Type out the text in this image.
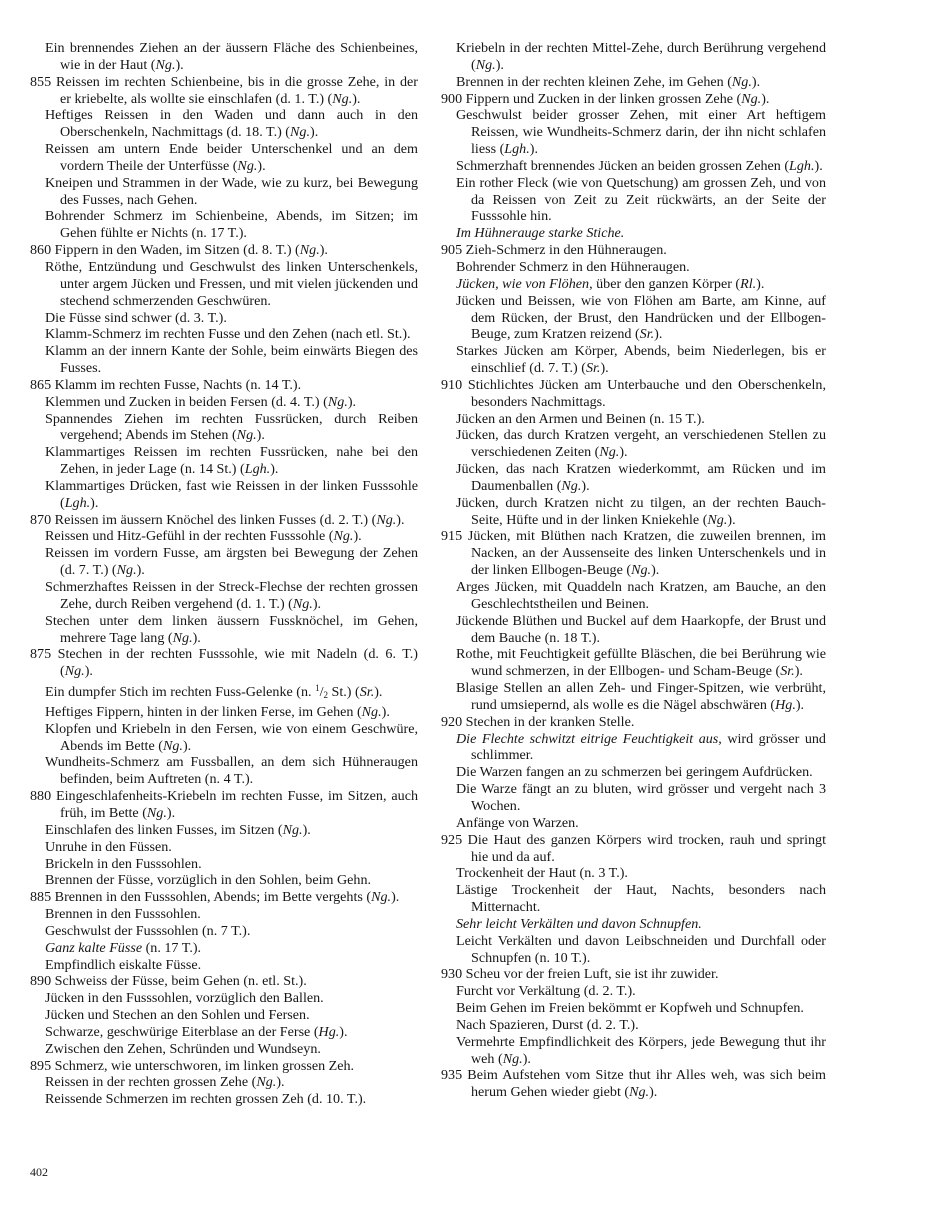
Ein brennendes Ziehen an der äussern Fläche des Schienbeines, wie in der Haut (Ng.).

855 Reissen im rechten Schienbeine, bis in die grosse Zehe, in der er kriebelte, als wollte sie einschlafen (d. 1. T.) (Ng.).

Heftiges Reissen in den Waden und dann auch in den Oberschenkeln, Nachmittags (d. 18. T.) (Ng.).

Reissen am untern Ende beider Unterschenkel und an dem vordern Theile der Unterfüsse (Ng.).

Kneipen und Strammen in der Wade, wie zu kurz, bei Bewegung des Fusses, nach Gehen.

Bohrender Schmerz im Schienbeine, Abends, im Sitzen; im Gehen fühlte er Nichts (n. 17 T.).

860 Fippern in den Waden, im Sitzen (d. 8. T.) (Ng.).

Röthe, Entzündung und Geschwulst des linken Unterschenkels, unter argem Jücken und Fressen, und mit vielen jückenden und stechend schmerzenden Geschwüren.

Die Füsse sind schwer (d. 3. T.).

Klamm-Schmerz im rechten Fusse und den Zehen (nach etl. St.).

Klamm an der innern Kante der Sohle, beim einwärts Biegen des Fusses.

865 Klamm im rechten Fusse, Nachts (n. 14 T.).

Klemmen und Zucken in beiden Fersen (d. 4. T.) (Ng.).

Spannendes Ziehen im rechten Fussrücken, durch Reiben vergehend; Abends im Stehen (Ng.).

Klammartiges Reissen im rechten Fussrücken, nahe bei den Zehen, in jeder Lage (n. 14 St.) (Lgh.).

Klammartiges Drücken, fast wie Reissen in der linken Fusssohle (Lgh.).

870 Reissen im äussern Knöchel des linken Fusses (d. 2. T.) (Ng.).

Reissen und Hitz-Gefühl in der rechten Fusssohle (Ng.).

Reissen im vordern Fusse, am ärgsten bei Bewegung der Zehen (d. 7. T.) (Ng.).

Schmerzhaftes Reissen in der Streck-Flechse der rechten grossen Zehe, durch Reiben vergehend (d. 1. T.) (Ng.).

Stechen unter dem linken äussern Fussknöchel, im Gehen, mehrere Tage lang (Ng.).

875 Stechen in der rechten Fusssohle, wie mit Nadeln (d. 6. T.) (Ng.).

Ein dumpfer Stich im rechten Fuss-Gelenke (n. $^1/_2$ St.) (Sr.).

Heftiges Fippern, hinten in der linken Ferse, im Gehen (Ng.).

Klopfen und Kriebeln in den Fersen, wie von einem Geschwüre, Abends im Bette (Ng.).

Wundheits-Schmerz am Fussballen, an dem sich Hühneraugen befinden, beim Auftreten (n. 4 T.).

880 Eingeschlafenheits-Kriebeln im rechten Fusse, im Sitzen, auch früh, im Bette (Ng.).

Einschlafen des linken Fusses, im Sitzen (Ng.).

Unruhe in den Füssen.

Brickeln in den Fusssohlen.

Brennen der Füsse, vorzüglich in den Sohlen, beim Gehn.

885 Brennen in den Fusssohlen, Abends; im Bette vergehts (Ng.).

Brennen in den Fusssohlen.

Geschwulst der Fusssohlen (n. 7 T.).

Ganz kalte Füsse (n. 17 T.).

Empfindlich eiskalte Füsse.

890 Schweiss der Füsse, beim Gehen (n. etl. St.).

Jücken in den Fusssohlen, vorzüglich den Ballen.

Jücken und Stechen an den Sohlen und Fersen.

Schwarze, geschwürige Eiterblase an der Ferse (Hg.).

Zwischen den Zehen, Schründen und Wundseyn.

895 Schmerz, wie unterschworen, im linken grossen Zeh.

Reissen in der rechten grossen Zehe (Ng.).

Reissende Schmerzen im rechten grossen Zeh (d. 10. T.).

Kriebeln in der rechten Mittel-Zehe, durch Berührung vergehend (Ng.).

Brennen in der rechten kleinen Zehe, im Gehen (Ng.).

900 Fippern und Zucken in der linken grossen Zehe (Ng.).

Geschwulst beider grosser Zehen, mit einer Art heftigem Reissen, wie Wundheits-Schmerz darin, der ihn nicht schlafen liess (Lgh.).

Schmerzhaft brennendes Jücken an beiden grossen Zehen (Lgh.).

Ein rother Fleck (wie von Quetschung) am grossen Zeh, und von da Reissen von Zeit zu Zeit rückwärts, an der Seite der Fusssohle hin.

Im Hühnerauge starke Stiche.

905 Zieh-Schmerz in den Hühneraugen.

Bohrender Schmerz in den Hühneraugen.

Jücken, wie von Flöhen, über den ganzen Körper (Rl.).

Jücken und Beissen, wie von Flöhen am Barte, am Kinne, auf dem Rücken, der Brust, den Handrücken und der Ellbogen-Beuge, zum Kratzen reizend (Sr.).

Starkes Jücken am Körper, Abends, beim Niederlegen, bis er einschlief (d. 7. T.) (Sr.).

910 Stichlichtes Jücken am Unterbauche und den Oberschenkeln, besonders Nachmittags.

Jücken an den Armen und Beinen (n. 15 T.).

Jücken, das durch Kratzen vergeht, an verschiedenen Stellen zu verschiedenen Zeiten (Ng.).

Jücken, das nach Kratzen wiederkommt, am Rücken und im Daumenballen (Ng.).

Jücken, durch Kratzen nicht zu tilgen, an der rechten Bauch-Seite, Hüfte und in der linken Kniekehle (Ng.).

915 Jücken, mit Blüthen nach Kratzen, die zuweilen brennen, im Nacken, an der Aussenseite des linken Unterschenkels und in der linken Ellbogen-Beuge (Ng.).

Arges Jücken, mit Quaddeln nach Kratzen, am Bauche, an den Geschlechtstheilen und Beinen.

Jückende Blüthen und Buckel auf dem Haarkopfe, der Brust und dem Bauche (n. 18 T.).

Rothe, mit Feuchtigkeit gefüllte Bläschen, die bei Berührung wie wund schmerzen, in der Ellbogen- und Scham-Beuge (Sr.).

Blasige Stellen an allen Zeh- und Finger-Spitzen, wie verbrüht, rund umsiepernd, als wolle es die Nägel abschwären (Hg.).

920 Stechen in der kranken Stelle.

Die Flechte schwitzt eitrige Feuchtigkeit aus, wird grösser und schlimmer.

Die Warzen fangen an zu schmerzen bei geringem Aufdrücken.

Die Warze fängt an zu bluten, wird grösser und vergeht nach 3 Wochen.

Anfänge von Warzen.

925 Die Haut des ganzen Körpers wird trocken, rauh und springt hie und da auf.

Trockenheit der Haut (n. 3 T.).

Lästige Trockenheit der Haut, Nachts, besonders nach Mitternacht.

Sehr leicht Verkälten und davon Schnupfen.

Leicht Verkälten und davon Leibschneiden und Durchfall oder Schnupfen (n. 10 T.).

930 Scheu vor der freien Luft, sie ist ihr zuwider.

Furcht vor Verkältung (d. 2. T.).

Beim Gehen im Freien bekömmt er Kopfweh und Schnupfen.

Nach Spazieren, Durst (d. 2. T.).

Vermehrte Empfindlichkeit des Körpers, jede Bewegung thut ihr weh (Ng.).

935 Beim Aufstehen vom Sitze thut ihr Alles weh, was sich beim herum Gehen wieder giebt (Ng.).

402
